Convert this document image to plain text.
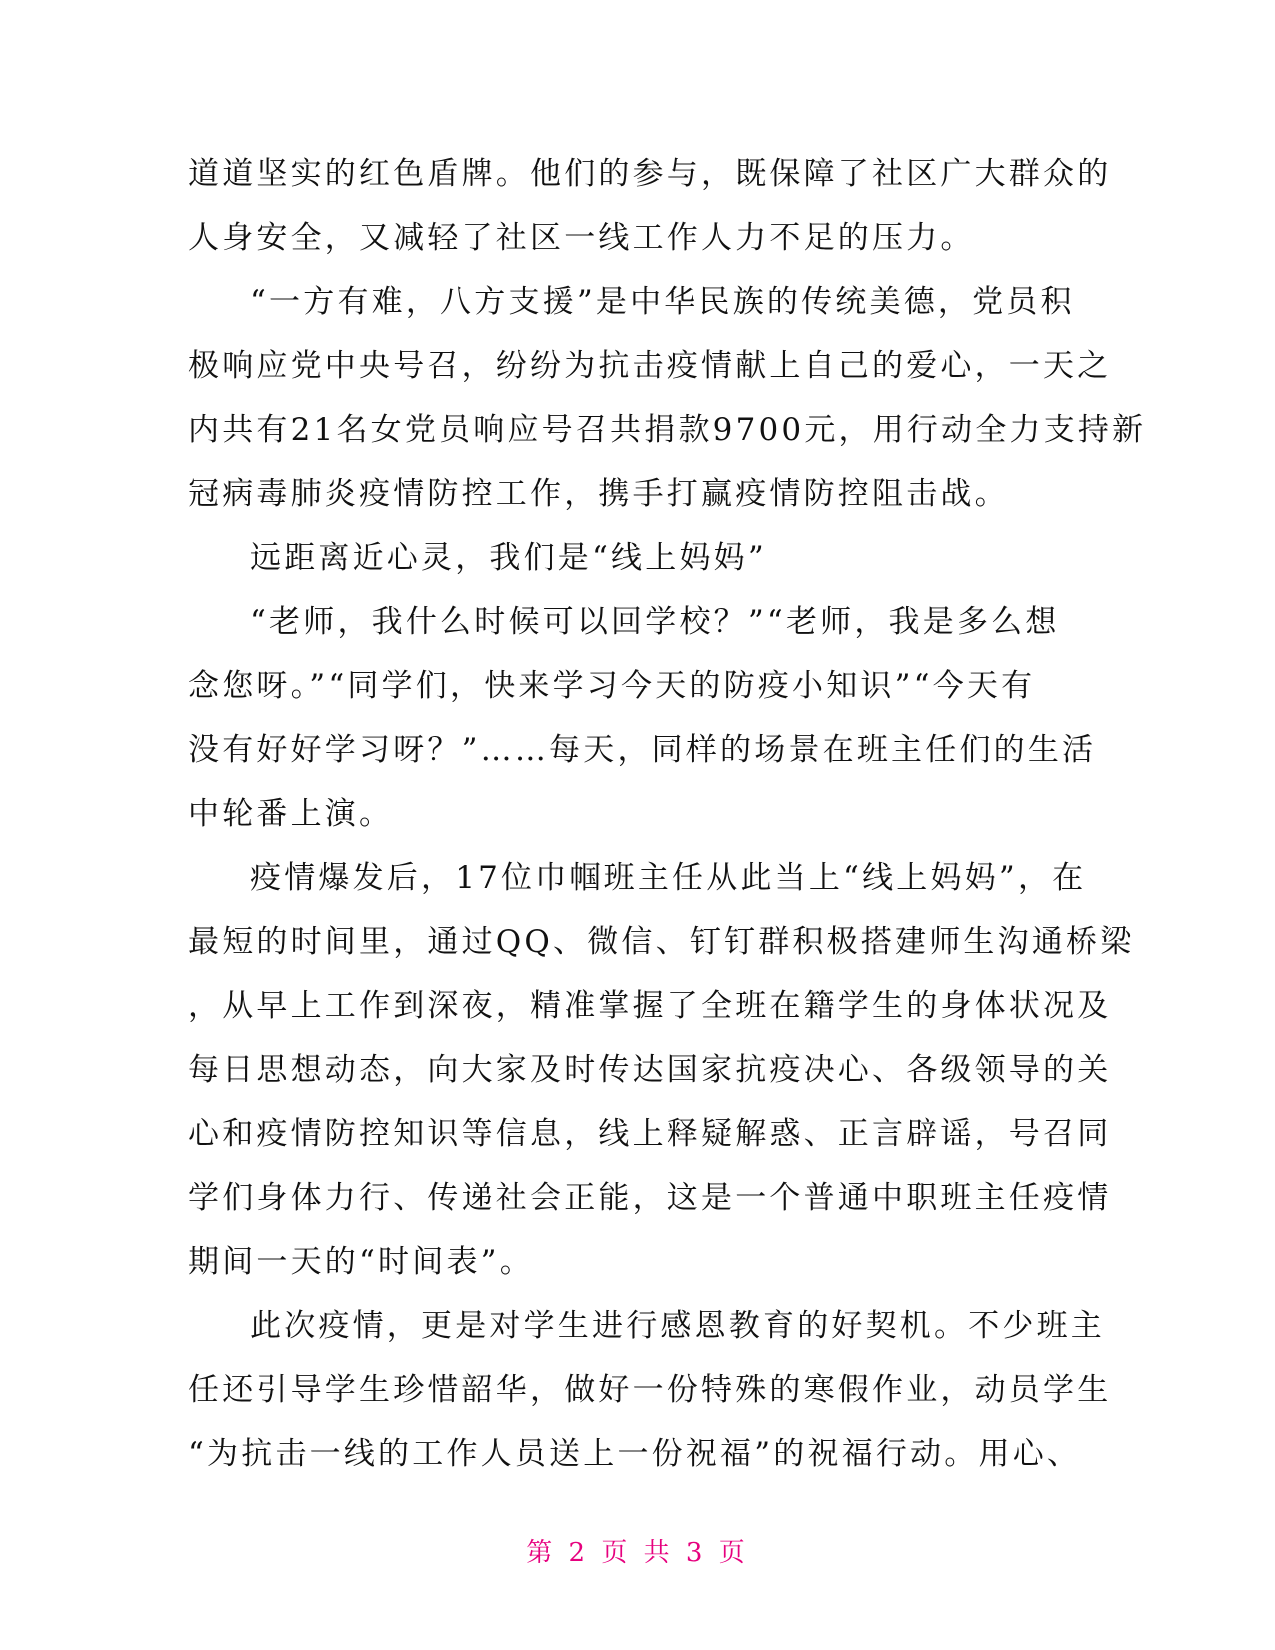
道道坚实的红色盾牌。他们的参与，既保障了社区广大群众的
人身安全，又减轻了社区一线工作人力不足的压力。
“一方有难，八方支援”是中华民族的传统美德，党员积
极响应党中央号召，纷纷为抗击疫情献上自己的爱心，一天之
内共有21名女党员响应号召共捐款9700元，用行动全力支持新
冠病毒肺炎疫情防控工作，携手打赢疫情防控阻击战。
远距离近心灵，我们是“线上妈妈”
“老师，我什么时候可以回学校？”“老师，我是多么想
念您呀。”“同学们，快来学习今天的防疫小知识”“今天有
没有好好学习呀？”……每天，同样的场景在班主任们的生活
中轮番上演。
疫情爆发后，17位巾帼班主任从此当上“线上妈妈”，在
最短的时间里，通过QQ、微信、钉钉群积极搭建师生沟通桥梁
，从早上工作到深夜，精准掌握了全班在籍学生的身体状况及
每日思想动态，向大家及时传达国家抗疫决心、各级领导的关
心和疫情防控知识等信息，线上释疑解惑、正言辟谣，号召同
学们身体力行、传递社会正能，这是一个普通中职班主任疫情
期间一天的“时间表”。
此次疫情，更是对学生进行感恩教育的好契机。不少班主
任还引导学生珍惜韶华，做好一份特殊的寒假作业，动员学生
“为抗击一线的工作人员送上一份祝福”的祝福行动。用心、
第 2 页 共 3 页
